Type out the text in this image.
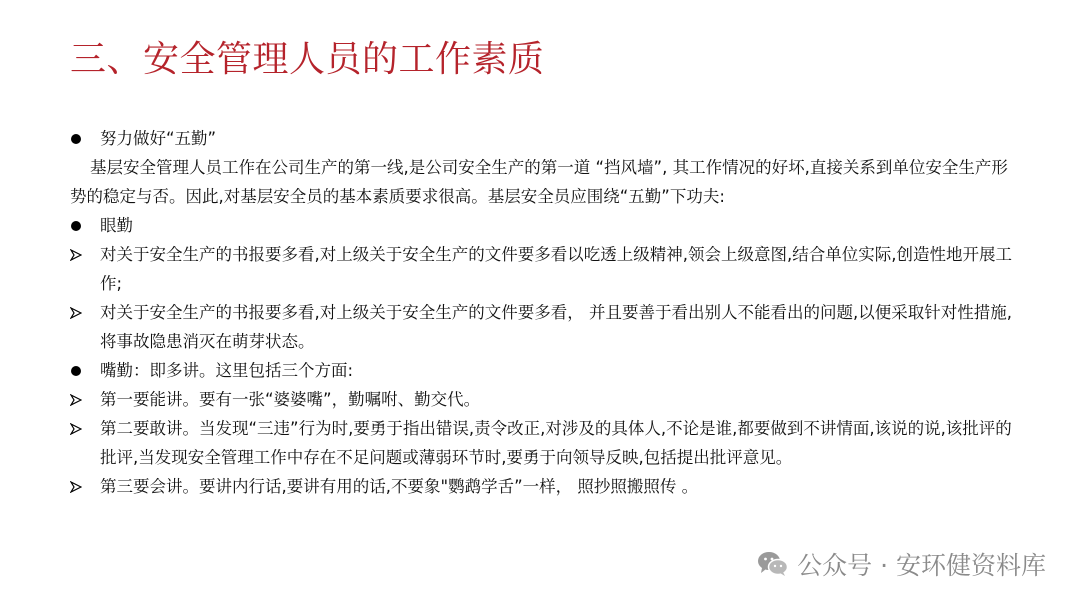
三、安全管理人员的工作素质
努力做好“五勤”
基层安全管理人员工作在公司生产的第一线,是公司安全生产的第一道 “挡风墙”, 其工作情况的好坏,直接关系到单位安全生产形势的稳定与否。因此,对基层安全员的基本素质要求很高。基层安全员应围绕“五勤”下功夫:
眼勤
对关于安全生产的书报要多看,对上级关于安全生产的文件要多看以吃透上级精神,领会上级意图,结合单位实际,创造性地开展工作;
对关于安全生产的书报要多看,对上级关于安全生产的文件要多看， 并且要善于看出别人不能看出的问题,以便采取针对性措施,将事故隐患消灭在萌芽状态。
嘴勤：即多讲。这里包括三个方面:
第一要能讲。要有一张“婆婆嘴”，勤嘱咐、勤交代。
第二要敢讲。当发现“三违”行为时,要勇于指出错误,责令改正,对涉及的具体人,不论是谁,都要做到不讲情面,该说的说,该批评的批评,当发现安全管理工作中存在不足问题或薄弱环节时,要勇于向领导反映,包括提出批评意见。
第三要会讲。要讲内行话,要讲有用的话,不要象"鹦鹉学舌”一样， 照抄照搬照传 。
公众号 · 安环健资料库
